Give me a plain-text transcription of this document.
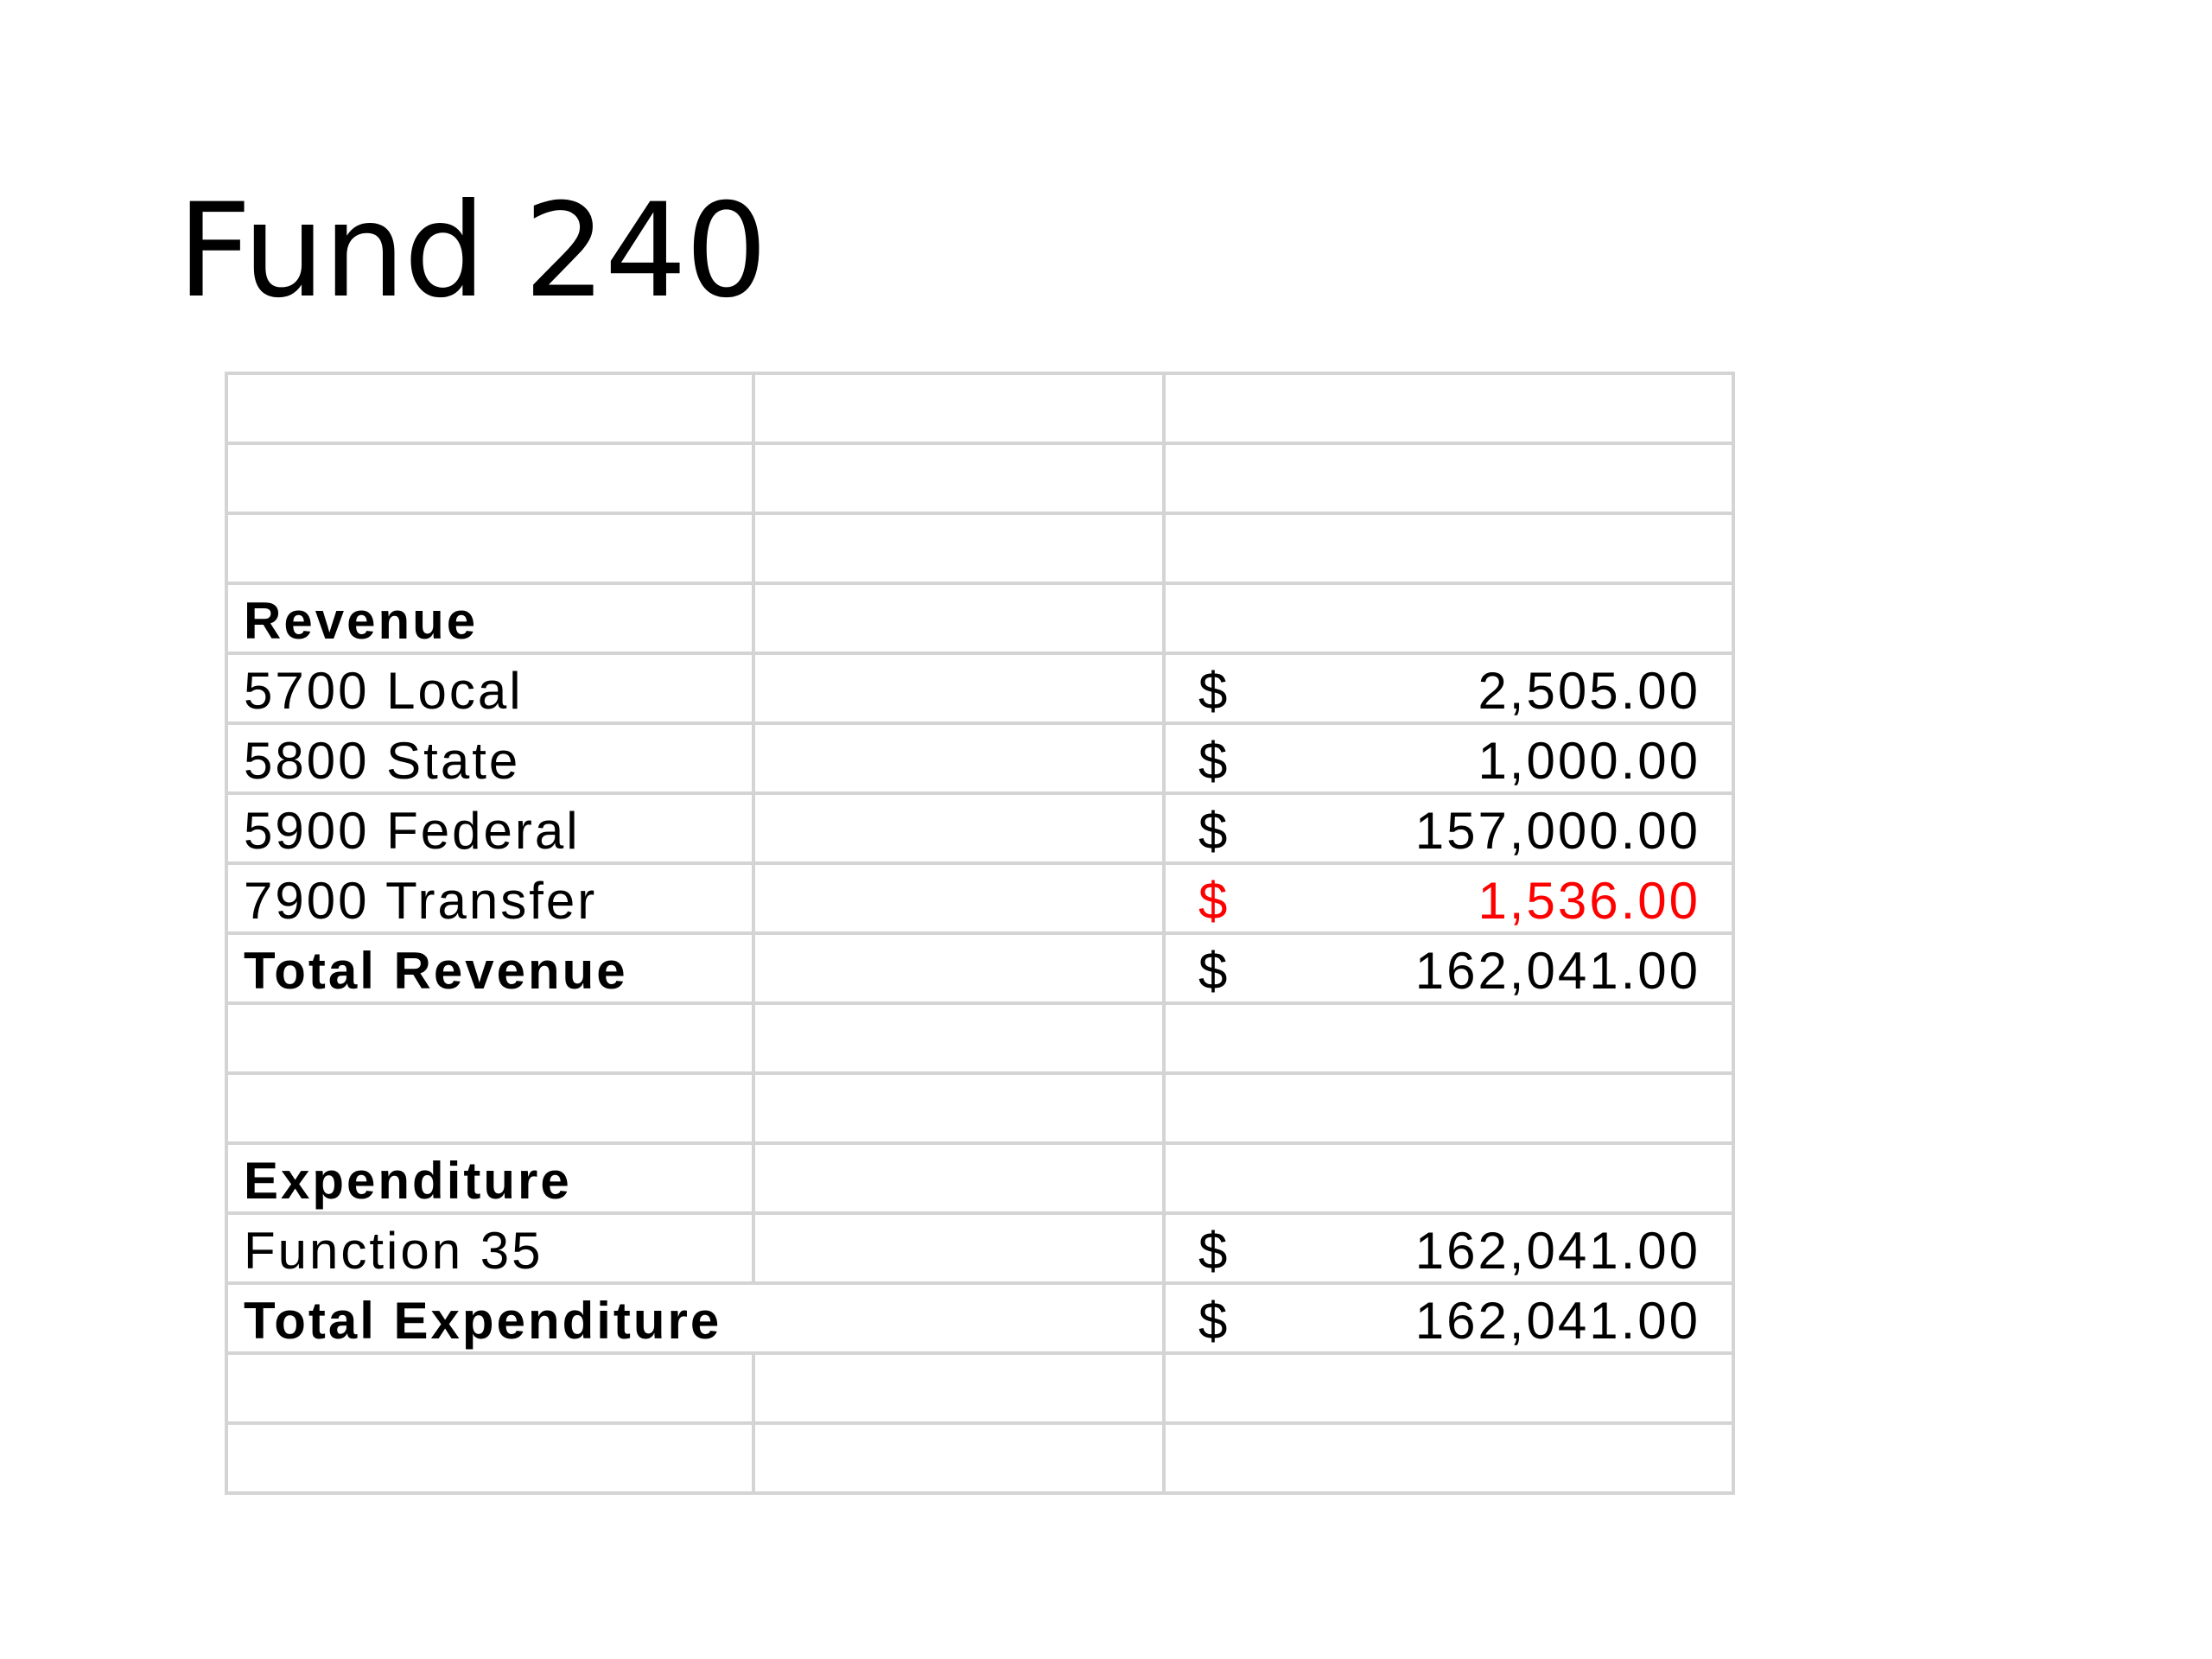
Fund 240

Revenue		
5700 Local		$ 2,505.00

5800 State		$ 1,000.00

5900 Federal		$ 157,000.00

7900 Transfer		$ 1,536.00

Total Revenue		$ 162,041.00

Expenditure		
Function 35		$ 162,041.00

Total Expenditure		$ 162,041.00
